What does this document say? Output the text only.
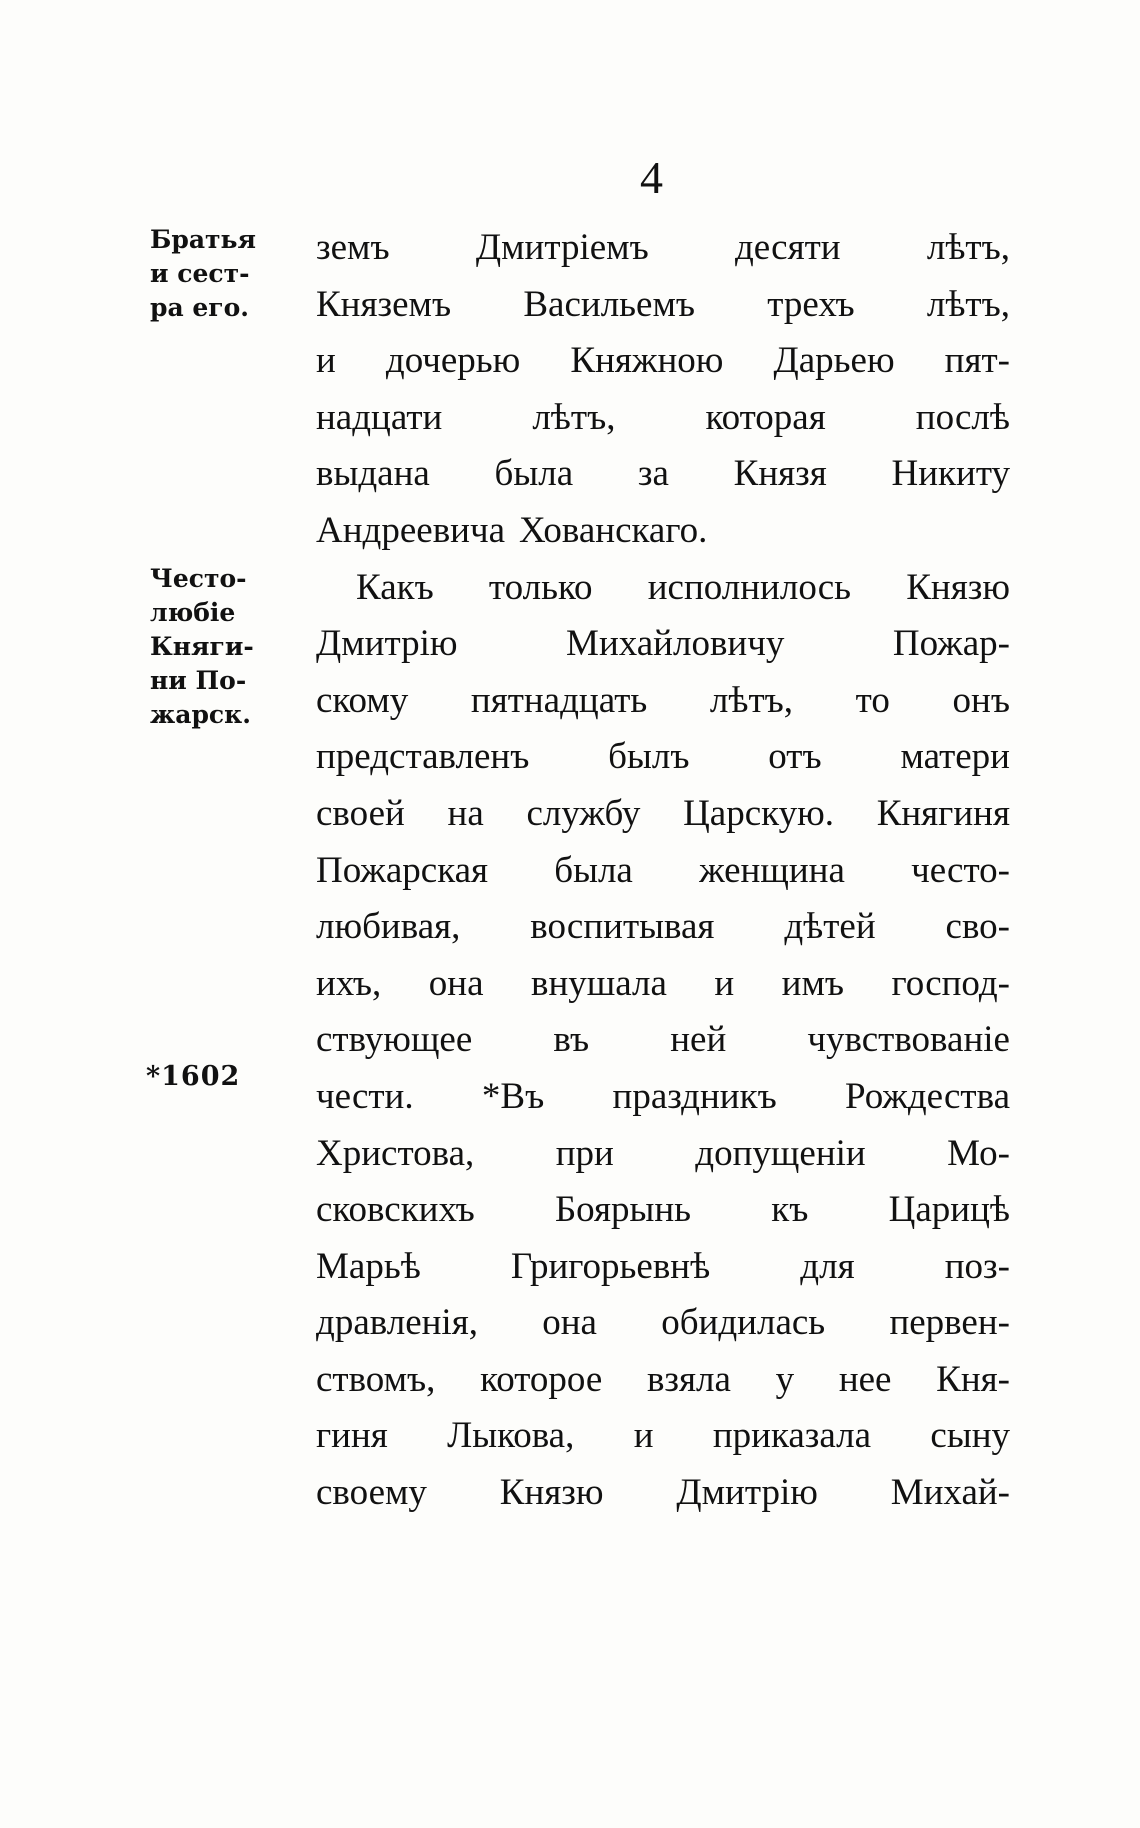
4
Братья
и сест-
ра его.
Честo-
любіе
Княги-
ни По-
жарск.
*1602
земъ Дмитріемъ десяти лѣтъ,
Княземъ Васильемъ трехъ лѣтъ,
и дочерью Княжною Дарьею пят-
надцати лѣтъ, которая послѣ
выдана была за Князя Никиту
Андреевича Хованскаго.
Какъ только исполнилось Князю
Дмитрію	Михайловичу	Пожар-
скому пятнадцать лѣтъ, то онъ
представленъ былъ отъ матери
своей на службу Царскую. Княгиня
Пожарская была женщина често-
любивая, воспитывая дѣтей сво-
ихъ, она внушала и имъ господ-
ствующее въ ней чувствованіе
чести. *Въ праздникъ Рождества
Христова, при допущеніи Мо-
сковскихъ Боярынь къ Царицѣ
Марьѣ Григорьевнѣ для поз-
дравленія, она обидилась первен-
ствомъ, которое взяла у нее Кня-
гиня Лыкова, и приказала сыну
своему Князю Дмитрію Михай-
